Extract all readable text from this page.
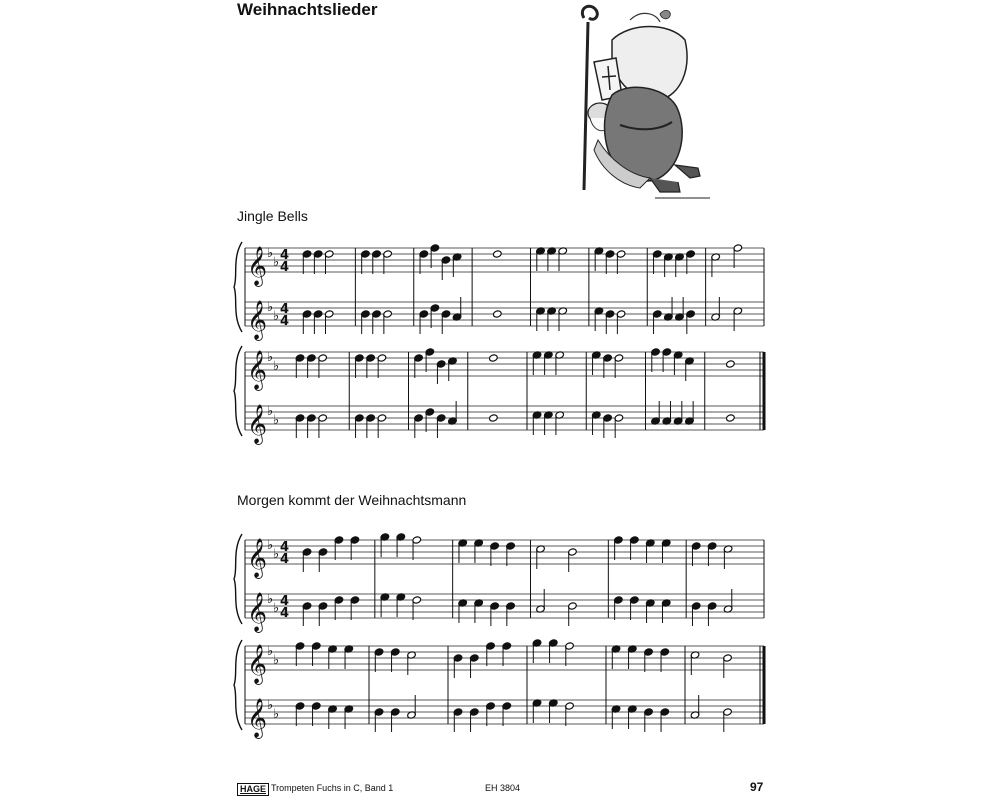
Weihnachtslieder
Jingle Bells
Morgen kommt der Weihnachtsmann
𝄞 ♭
♭ 4
4
𝄞 ♭
♭ 4
4
𝄞 ♭
♭
𝄞 ♭
♭
𝄞 ♭
♭ 4
4
𝄞 ♭
♭ 4
4
𝄞 ♭
♭
𝄞 ♭
♭
HAGE Trompeten Fuchs in C, Band 1	EH 3804	97
